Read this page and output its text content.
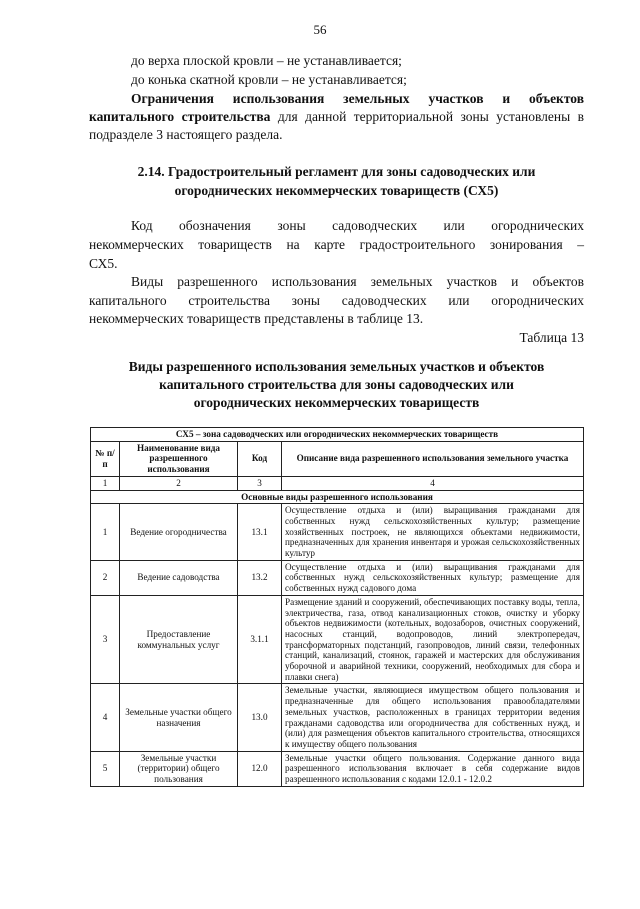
56

до верха плоской кровли – не устанавливается;

до конька скатной кровли – не устанавливается;

Ограничения использования земельных участков и объектов капитального строительства для данной территориальной зоны установлены в подразделе 3 настоящего раздела.

2.14. Градостроительный регламент для зоны садоводческих или

огороднических некоммерческих товариществ (СХ5)

Код обозначения зоны садоводческих или огороднических

некоммерческих товариществ на карте градостроительного зонирования –

СХ5.

Виды разрешенного использования земельных участков и объектов

капитального строительства зоны садоводческих или огороднических

некоммерческих товариществ представлены в таблице 13.

Таблица 13

Виды разрешенного использования земельных участков и объектов

капитального строительства для зоны садоводческих или

огороднических некоммерческих товариществ

СХ5 – зона садоводческих или огороднических некоммерческих товариществ			
№ п/п	Наименование вида разрешенного использования	Код	Описание вида разрешенного использования земельного участка
1	2	3	4
Основные виды разрешенного использования			
1	Ведение огородничества	13.1	Осуществление отдыха и (или) выращивания гражданами для собственных нужд сельскохозяйственных культур; размещение хозяйственных построек, не являющихся объектами недвижимости, предназначенных для хранения инвентаря и урожая сельскохозяйственных культур
2	Ведение садоводства	13.2	Осуществление отдыха и (или) выращивания гражданами для собственных нужд сельскохозяйственных культур; размещение для собственных нужд садового дома
3	Предоставление коммунальных услуг	3.1.1	Размещение зданий и сооружений, обеспечивающих поставку воды, тепла, электричества, газа, отвод канализационных стоков, очистку и уборку объектов недвижимости (котельных, водозаборов, очистных сооружений, насосных станций, водопроводов, линий электропередач, трансформаторных подстанций, газопроводов, линий связи, телефонных станций, канализаций, стоянок, гаражей и мастерских для обслуживания уборочной и аварийной техники, сооружений, необходимых для сбора и плавки снега)
4	Земельные участки общего назначения	13.0	Земельные участки, являющиеся имуществом общего пользования и предназначенные для общего использования правообладателями земельных участков, расположенных в границах территории ведения гражданами садоводства или огородничества для собственных нужд, и (или) для размещения объектов капитального строительства, относящихся к имуществу общего пользования
5	Земельные участки (территории) общего пользования	12.0	Земельные участки общего пользования. Содержание данного вида разрешенного использования включает в себя содержание видов разрешенного использования с кодами 12.0.1 - 12.0.2
